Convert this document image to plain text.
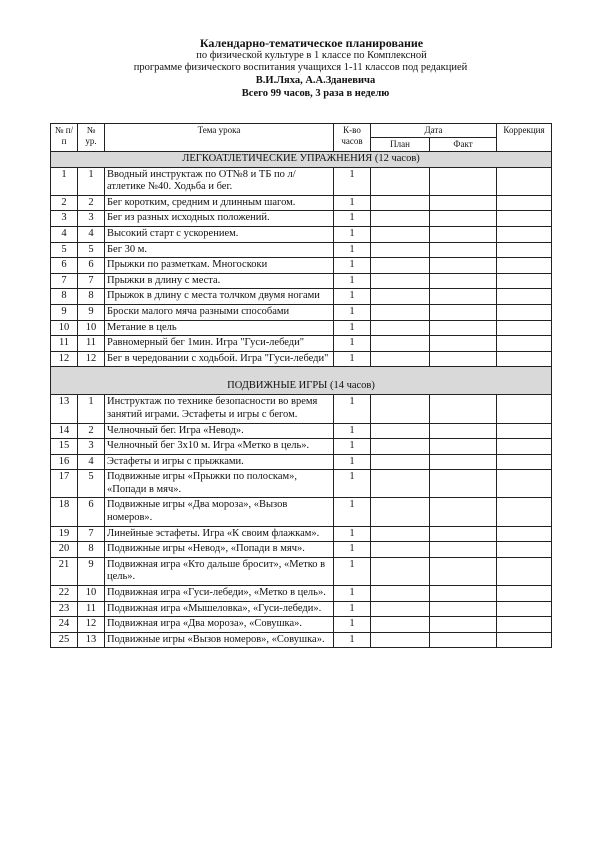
Календарно-тематическое планирование
по физической культуре в 1 классе по Комплексной
программе физического воспитания учащихся 1-11 классов под редакцией
В.И.Ляха, А.А.Зданевича
Всего 99 часов, 3 раза в неделю
№ п/п	№ ур.	Тема урока	К-во часов	Дата		Коррекция
				План	Факт	
ЛЕГКОАТЛЕТИЧЕСКИЕ УПРАЖНЕНИЯ (12 часов)						
1	1	Вводный инструктаж по ОТ№8 и ТБ по л/атлетике №40. Ходьба и бег.	1			
2	2	Бег коротким, средним и длинным шагом.	1			
3	3	Бег из разных исходных положений.	1			
4	4	Высокий старт с ускорением.	1			
5	5	Бег 30 м.	1			
6	6	Прыжки по разметкам. Многоскоки	1			
7	7	Прыжки в длину с места.	1			
8	8	Прыжок в длину с места толчком двумя ногами	1			
9	9	Броски малого мяча разными способами	1			
10	10	Метание в цель	1			
11	11	Равномерный бег 1мин. Игра "Гуси-лебеди"	1			
12	12	Бег в чередовании с ходьбой. Игра "Гуси-лебеди"	1			
ПОДВИЖНЫЕ ИГРЫ (14 часов)						
13	1	Инструктаж по технике безопасности во время занятий играми. Эстафеты и игры с бегом.	1			
14	2	Челночный бег. Игра «Невод».	1			
15	3	Челночный бег 3х10 м. Игра «Метко в цель».	1			
16	4	Эстафеты и игры с прыжками.	1			
17	5	Подвижные игры «Прыжки по полоскам», «Попади в мяч».	1			
18	6	Подвижные игры «Два мороза», «Вызов номеров».	1			
19	7	Линейные эстафеты. Игра «К своим флажкам».	1			
20	8	Подвижные игры «Невод», «Попади в мяч».	1			
21	9	Подвижная игра «Кто дальше бросит», «Метко в цель».	1			
22	10	Подвижная игра «Гуси-лебеди», «Метко в цель».	1			
23	11	Подвижная игра «Мышеловка», «Гуси-лебеди».	1			
24	12	Подвижная игра «Два мороза», «Совушка».	1			
25	13	Подвижные игры «Вызов номеров», «Совушка».	1			
